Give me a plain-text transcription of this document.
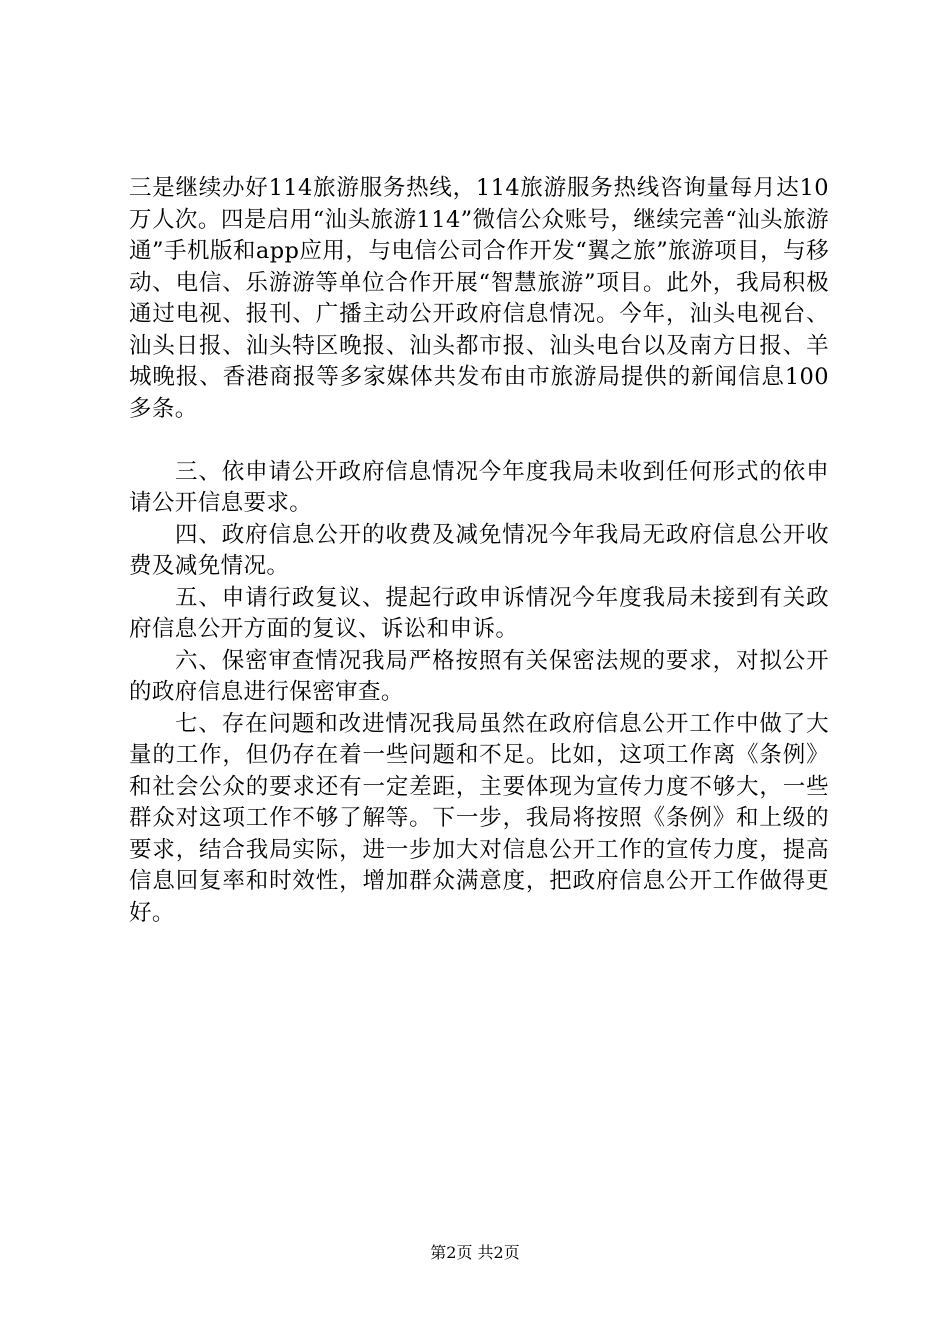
三是继续办好114旅游服务热线，114旅游服务热线咨询量每月达10万人次。四是启用“汕头旅游114”微信公众账号，继续完善“汕头旅游通”手机版和app应用，与电信公司合作开发“翼之旅”旅游项目，与移动、电信、乐游游等单位合作开展“智慧旅游”项目。此外，我局积极通过电视、报刊、广播主动公开政府信息情况。今年，汕头电视台、汕头日报、汕头特区晚报、汕头都市报、汕头电台以及南方日报、羊城晚报、香港商报等多家媒体共发布由市旅游局提供的新闻信息100多条。

三、依申请公开政府信息情况今年度我局未收到任何形式的依申请公开信息要求。

四、政府信息公开的收费及减免情况今年我局无政府信息公开收费及减免情况。

五、申请行政复议、提起行政申诉情况今年度我局未接到有关政府信息公开方面的复议、诉讼和申诉。

六、保密审查情况我局严格按照有关保密法规的要求，对拟公开的政府信息进行保密审查。

七、存在问题和改进情况我局虽然在政府信息公开工作中做了大量的工作，但仍存在着一些问题和不足。比如，这项工作离《条例》和社会公众的要求还有一定差距，主要体现为宣传力度不够大，一些群众对这项工作不够了解等。下一步，我局将按照《条例》和上级的要求，结合我局实际，进一步加大对信息公开工作的宣传力度，提高信息回复率和时效性，增加群众满意度，把政府信息公开工作做得更好。

第2页 共2页
